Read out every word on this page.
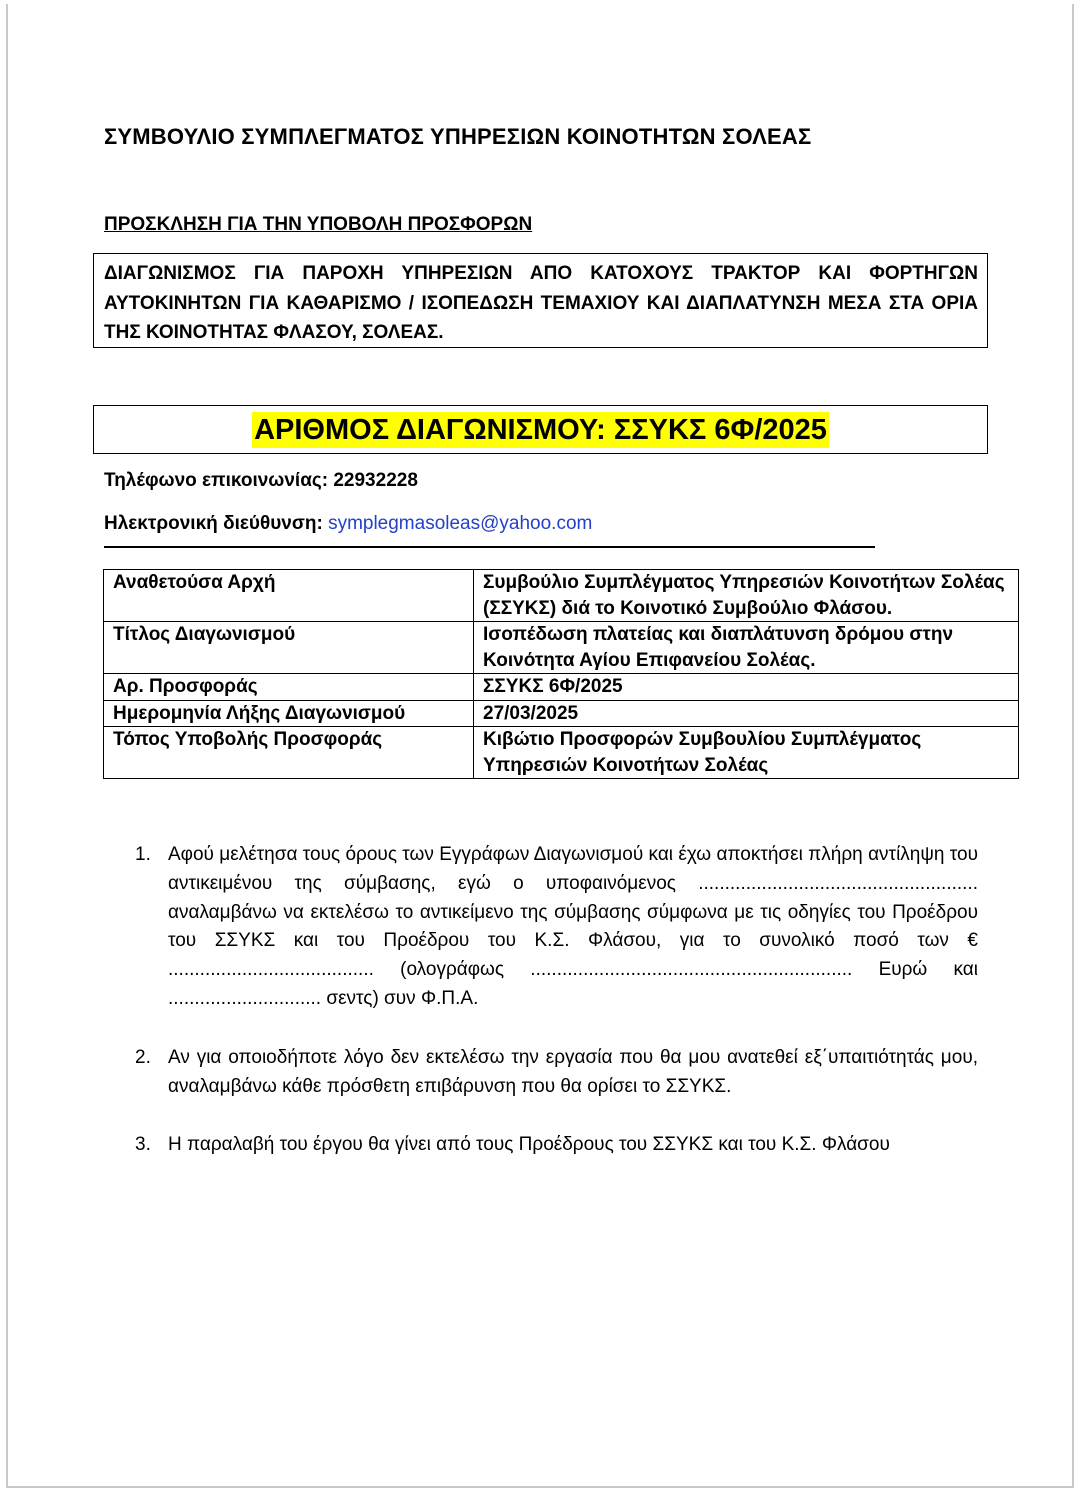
ΣΥΜΒΟΥΛΙΟ ΣΥΜΠΛΕΓΜΑΤΟΣ ΥΠΗΡΕΣΙΩΝ ΚΟΙΝΟΤΗΤΩΝ ΣΟΛΕΑΣ
ΠΡΟΣΚΛΗΣΗ ΓΙΑ ΤΗΝ ΥΠΟΒΟΛΗ ΠΡΟΣΦΟΡΩΝ
ΔΙΑΓΩΝΙΣΜΟΣ ΓΙΑ ΠΑΡΟΧΗ ΥΠΗΡΕΣΙΩΝ ΑΠΟ ΚΑΤΟΧΟΥΣ ΤΡΑΚΤΟΡ ΚΑΙ ΦΟΡΤΗΓΩΝ ΑΥΤΟΚΙΝΗΤΩΝ ΓΙΑ ΚΑΘΑΡΙΣΜΟ / ΙΣΟΠΕΔΩΣΗ ΤΕΜΑΧΙΟΥ ΚΑΙ ΔΙΑΠΛΑΤΥΝΣΗ ΜΕΣΑ ΣΤΑ ΟΡΙΑ ΤΗΣ ΚΟΙΝΟΤΗΤΑΣ ΦΛΑΣΟΥ, ΣΟΛΕΑΣ.
ΑΡΙΘΜΟΣ ΔΙΑΓΩΝΙΣΜΟΥ: ΣΣΥΚΣ 6Φ/2025
Τηλέφωνο επικοινωνίας: 22932228
Ηλεκτρονική διεύθυνση: symplegmasoleas@yahoo.com
Αναθετούσα Αρχή	Συμβούλιο Συμπλέγματος Υπηρεσιών Κοινοτήτων Σολέας (ΣΣΥΚΣ) διά το Κοινοτικό Συμβούλιο Φλάσου.
Τίτλος Διαγωνισμού	Ισοπέδωση πλατείας και διαπλάτυνση δρόμου στην Κοινότητα Αγίου Επιφανείου Σολέας.
Αρ. Προσφοράς	ΣΣΥΚΣ 6Φ/2025
Ημερομηνία Λήξης Διαγωνισμού	27/03/2025
Τόπος Υποβολής Προσφοράς	Κιβώτιο Προσφορών Συμβουλίου Συμπλέγματος Υπηρεσιών Κοινοτήτων Σολέας
1. Αφού μελέτησα τους όρους των Εγγράφων Διαγωνισμού και έχω αποκτήσει πλήρη αντίληψη του αντικειμένου της σύμβασης, εγώ ο υποφαινόμενος ..................................................... αναλαμβάνω να εκτελέσω το αντικείμενο της σύμβασης σύμφωνα με τις οδηγίες του Προέδρου του ΣΣΥΚΣ και του Προέδρου του Κ.Σ. Φλάσου, για το συνολικό ποσό των € ....................................... (ολογράφως ............................................................. Ευρώ και ............................. σεντς) συν Φ.Π.Α.
2. Αν για οποιοδήποτε λόγο δεν εκτελέσω την εργασία που θα μου ανατεθεί εξ΄υπαιτιότητάς μου, αναλαμβάνω κάθε πρόσθετη επιβάρυνση που θα ορίσει το ΣΣΥΚΣ.
3. Η παραλαβή του έργου θα γίνει από τους Προέδρους του ΣΣΥΚΣ και του Κ.Σ. Φλάσου
